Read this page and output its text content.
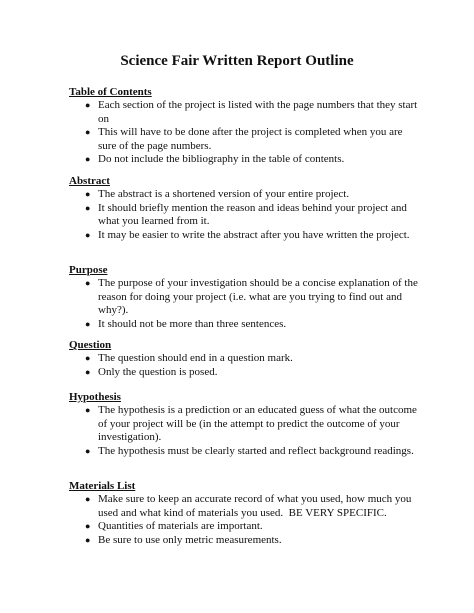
Science Fair Written Report Outline

Table of Contents

● Each section of the project is listed with the page numbers that they start on
● This will have to be done after the project is completed when you are sure of the page numbers.
● Do not include the bibliography in the table of contents.

Abstract

● The abstract is a shortened version of your entire project.
● It should briefly mention the reason and ideas behind your project and what you learned from it.
● It may be easier to write the abstract after you have written the project.

Purpose

● The purpose of your investigation should be a concise explanation of the reason for doing your project (i.e. what are you trying to find out and why?).
● It should not be more than three sentences.

Question

● The question should end in a question mark.
● Only the question is posed.

Hypothesis

● The hypothesis is a prediction or an educated guess of what the outcome of your project will be (in the attempt to predict the outcome of your investigation).
● The hypothesis must be clearly started and reflect background readings.

Materials List

● Make sure to keep an accurate record of what you used, how much you used and what kind of materials you used.  BE VERY SPECIFIC.
● Quantities of materials are important.
● Be sure to use only metric measurements.
